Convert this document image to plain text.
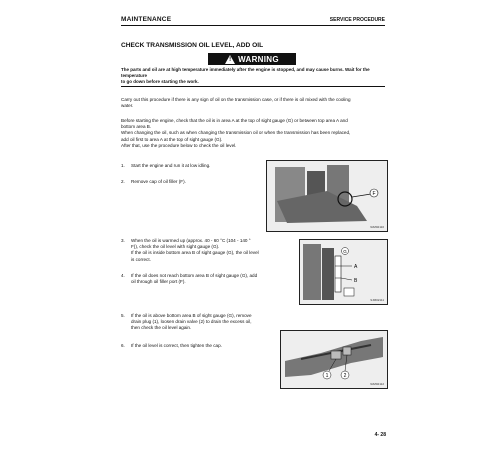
MAINTENANCE	SERVICE PROCEDURE
CHECK TRANSMISSION OIL LEVEL, ADD OIL
! WARNING
The parts and oil are at high temperature immediately after the engine is stopped, and may cause burns. Wait for the temperature
to go down before starting the work.
Carry out this procedure if there is any sign of oil on the transmission case, or if there is oil mixed with the cooling
water.
Before starting the engine, check that the oil is in area A at the top of sight gauge (G) or between top area A and
bottom area B.
When changing the oil, such as when changing the transmission oil or when the transmission has been replaced,
add oil first to area A at the top of sight gauge (G).
After that, use the procedure below to check the oil level.
1. Start the engine and run it at low idling.
2. Remove cap of oil filler (F).
F
9JM02110
3. When the oil is warmed up (approx. 40 - 60 °C (104 - 140 °
F)), check the oil level with sight gauge (G).
If the oil is inside bottom area B of sight gauge (G), the oil level
is correct.
4. If the oil does not reach bottom area B of sight gauge (G), add
oil through oil filler port (F).
G
A
B
9JM02111
5. If the oil is above bottom area B of sight gauge (G), remove
drain plug (1), loosen drain valve (2) to drain the excess oil,
then check the oil level again.
6. If the oil level is correct, then tighten the cap.
1	2
9JM02112
4- 28
